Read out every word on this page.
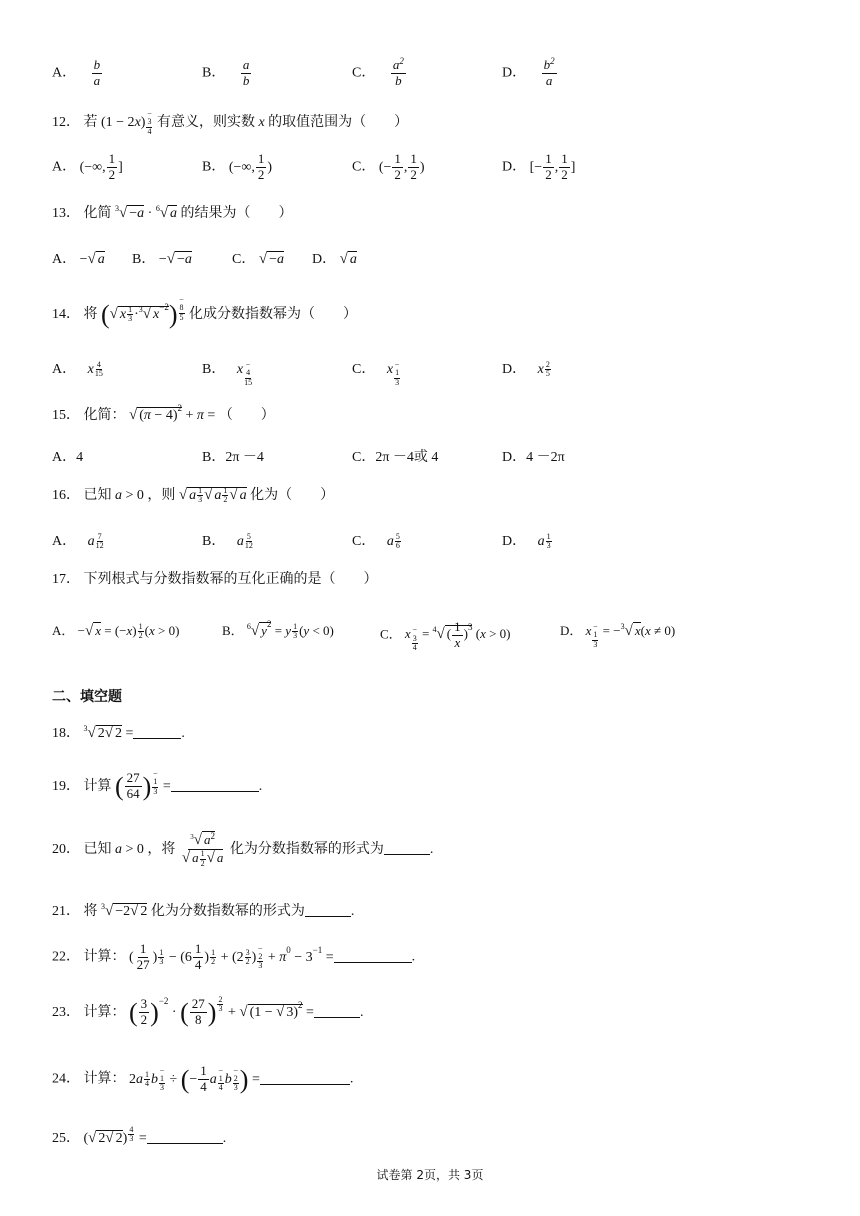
A． $\frac{b}{a}$	B． $\frac{a}{b}$	C． $\frac{a^2}{b}$	D． $\frac{b^2}{a}$
12． 若 (1 − 2x)−
3
4
有意义，则实数 x 的取值范围为（　　）
A． (−∞, $\frac{1}{2}$ ]	B． (−∞, $\frac{1}{2}$ )	C． (− $\frac{1}{2}$ , $\frac{1}{2}$ )	D． [− $\frac{1}{2}$ , $\frac{1}{2}$ ]
13． 化简 $^3$√ −a · $^6$√ a 的结果为（　　）
A． −√ a B． −√ −a	C． √ −a D． √ a
14． 将 (√ x $\frac{1}{3} \cdot^3√$ $x^{-2})-$
8
5 化成分数指数幂为（　　）
A． x $\frac{4}{15}$	B． x −
4
15
C． x −
1
3
D． x $\frac{2}{5}$
15． 化简： √ $(\pi - 4)^2 + \pi$ = （　　）
A．4	B．2π －4	C．2π －4或 4	D．4 －2π
16． 已知 a > 0 ，则 √ a $\frac{1}{3}$ √ a $\frac{1}{2}$ √ a 化为（　　）
A． a $\frac{7}{12}$	B． a $\frac{5}{12}$	C． a $\frac{5}{6}$	D． a $\frac{1}{3}$
17． 下列根式与分数指数幂的互化正确的是（　　）
A． −√ $x = (-x) \frac{1}{2} (x > 0)$	B． $^6$√ $y^2 = y \frac{1}{3} (y < 0)$	C． x −
3
4
= $^4$√ ( $\frac{1}{x} )^3$ (x > 0)	D． x −
1
3
= −$^3$√ x(x ≠ 0)
二、填空题
18． $^3$√ 2√ 2 =	.
19． 计算 ( $\frac{27}{64}$ ) −
1
3 =	.
20． 已知 a > 0 ，将 $\frac{^3√ a^2}{√ a \frac{1}{2} √ a}$ 化为分数指数幂的形式为	.
21． 将 $^3$√ −2√ 2 化为分数指数幂的形式为	.
22． 计算： ( $\frac{1}{27}$ ) $\frac{1}{3} - (6 \frac{1}{4}$ ) $\frac{1}{2} + (2 \frac{3}{2}$ )−
2
3
+ $\pi^0 - 3^{-1}$ =	.
23． 计算： ( $\frac{3}{2} )^{-2}$ · ( $\frac{27}{8}$ ) $\frac{2}{3}$ + √ (1 − √ 3)$^2$ =	.
24． 计算： $2a \frac{1}{4} b-$
1
3
÷ (− $\frac{1}{4} a-$
1
4
b−
2
3 ) =	.
25． (√ 2√ $2) \frac{4}{3}$ =	.
试卷第 2页，共 3页
